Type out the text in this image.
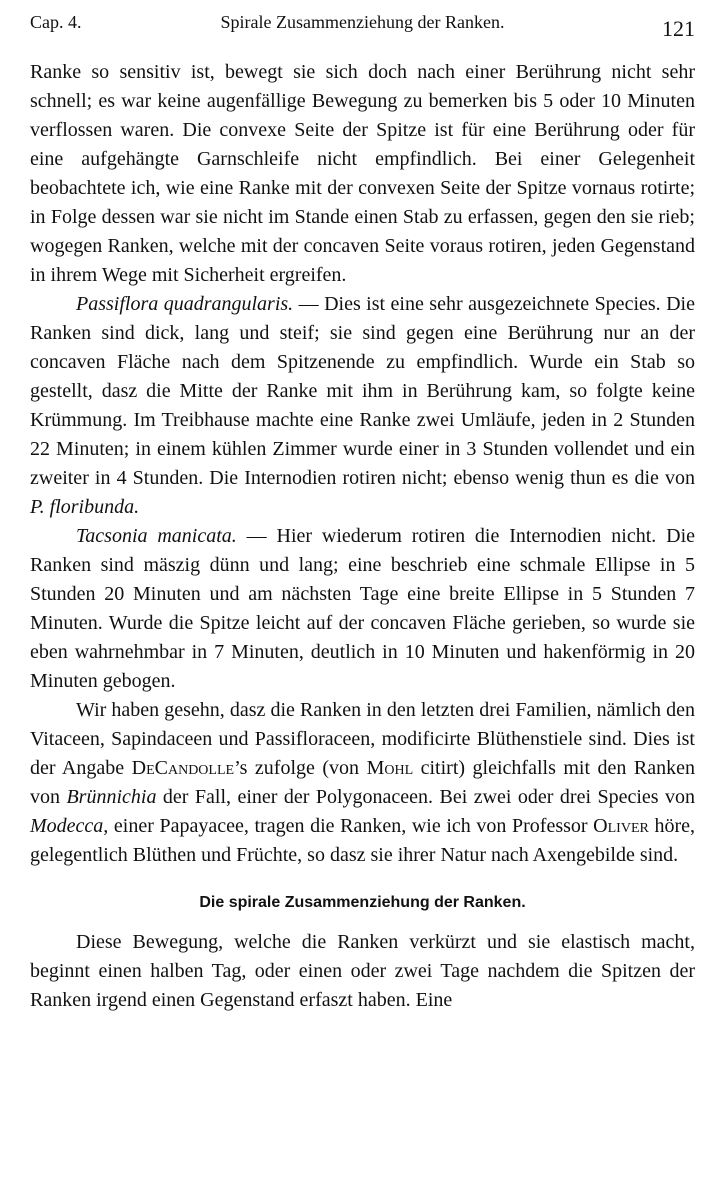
Cap. 4.	Spirale Zusammenziehung der Ranken.	121

Ranke so sensitiv ist, bewegt sie sich doch nach einer Berührung nicht sehr schnell; es war keine augenfällige Bewegung zu bemerken bis 5 oder 10 Minuten verflossen waren. Die convexe Seite der Spitze ist für eine Berührung oder für eine aufgehängte Garnschleife nicht empfindlich. Bei einer Gelegenheit beobachtete ich, wie eine Ranke mit der convexen Seite der Spitze vornaus rotirte; in Folge dessen war sie nicht im Stande einen Stab zu erfassen, gegen den sie rieb; wogegen Ranken, welche mit der concaven Seite voraus rotiren, jeden Gegenstand in ihrem Wege mit Sicherheit ergreifen.

Passiflora quadrangularis. — Dies ist eine sehr ausgezeichnete Species. Die Ranken sind dick, lang und steif; sie sind gegen eine Berührung nur an der concaven Fläche nach dem Spitzenende zu empfindlich. Wurde ein Stab so gestellt, dasz die Mitte der Ranke mit ihm in Berührung kam, so folgte keine Krümmung. Im Treibhause machte eine Ranke zwei Umläufe, jeden in 2 Stunden 22 Minuten; in einem kühlen Zimmer wurde einer in 3 Stunden vollendet und ein zweiter in 4 Stunden. Die Internodien rotiren nicht; ebenso wenig thun es die von P. floribunda.

Tacsonia manicata. — Hier wiederum rotiren die Internodien nicht. Die Ranken sind mäszig dünn und lang; eine beschrieb eine schmale Ellipse in 5 Stunden 20 Minuten und am nächsten Tage eine breite Ellipse in 5 Stunden 7 Minuten. Wurde die Spitze leicht auf der concaven Fläche gerieben, so wurde sie eben wahrnehmbar in 7 Minuten, deutlich in 10 Minuten und hakenförmig in 20 Minuten gebogen.

Wir haben gesehn, dasz die Ranken in den letzten drei Familien, nämlich den Vitaceen, Sapindaceen und Passifloraceen, modificirte Blüthenstiele sind. Dies ist der Angabe DeCandolle’s zufolge (von Mohl citirt) gleichfalls mit den Ranken von Brünnichia der Fall, einer der Polygonaceen. Bei zwei oder drei Species von Modecca, einer Papayacee, tragen die Ranken, wie ich von Professor Oliver höre, gelegentlich Blüthen und Früchte, so dasz sie ihrer Natur nach Axengebilde sind.

Die spirale Zusammenziehung der Ranken.

Diese Bewegung, welche die Ranken verkürzt und sie elastisch macht, beginnt einen halben Tag, oder einen oder zwei Tage nachdem die Spitzen der Ranken irgend einen Gegenstand erfaszt haben. Eine
